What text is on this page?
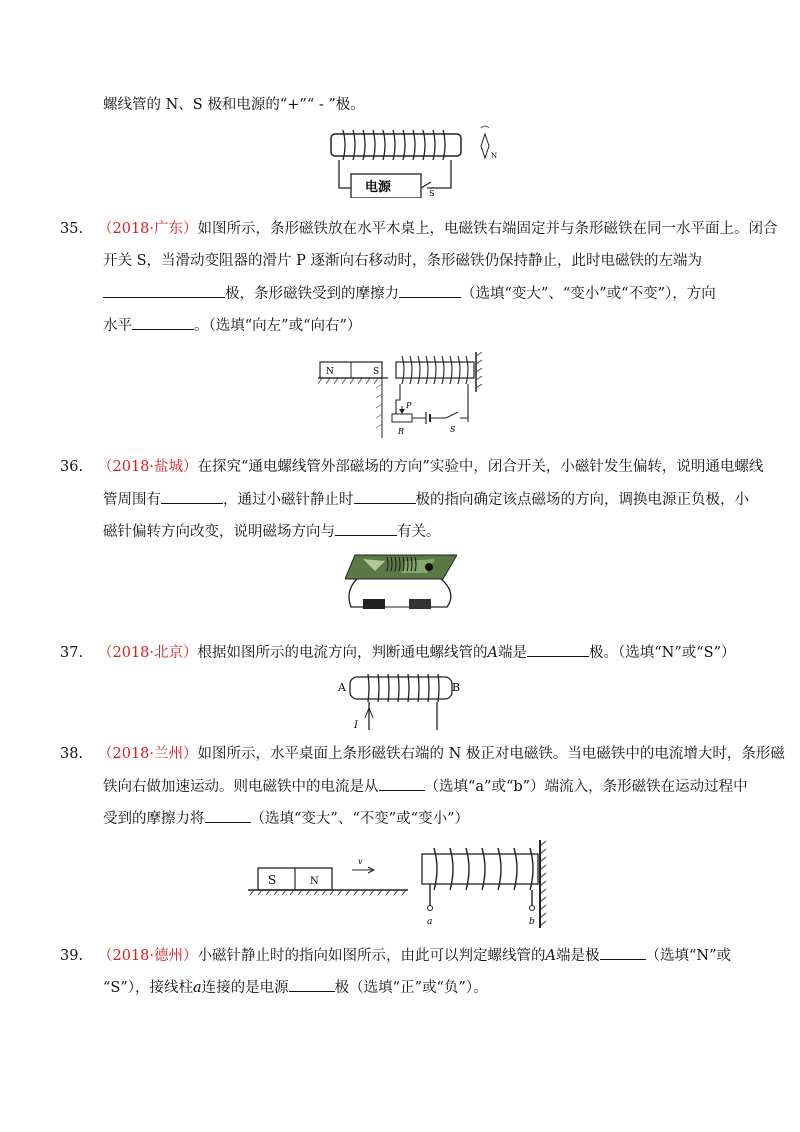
螺线管的 N、S 极和电源的“+”“ - ”极。
电源	S
N
35. （2018·广东）如图所示，条形磁铁放在水平木桌上，电磁铁右端固定并与条形磁铁在同一水平面上。闭合
开关 S，当滑动变阻器的滑片 P 逐渐向右移动时，条形磁铁仍保持静止，此时电磁铁的左端为
极，条形磁铁受到的摩擦力	（选填“变大”、“变小”或“不变”），方向
水平	。（选填“向左”或“向右”）
N	S
P
R	S
36. （2018·盐城）在探究“通电螺线管外部磁场的方向”实验中，闭合开关，小磁针发生偏转，说明通电螺线
管周围有	，通过小磁针静止时	极的指向确定该点磁场的方向，调换电源正负极，小
磁针偏转方向改变，说明磁场方向与	有关。
37. （2018·北京）根据如图所示的电流方向，判断通电螺线管的A端是	极。（选填“N”或“S”）
A	B
I
38. （2018·兰州）如图所示，水平桌面上条形磁铁右端的 N 极正对电磁铁。当电磁铁中的电流增大时，条形磁
铁向右做加速运动。则电磁铁中的电流是从	（选填“a”或“b”）端流入，条形磁铁在运动过程中
受到的摩擦力将	（选填“变大”、“不变”或“变小”）
S	N
v
a	b
39. （2018·德州）小磁针静止时的指向如图所示，由此可以判定螺线管的A端是极	（选填“N”或
“S”），接线柱a连接的是电源	极（选填“正”或“负”）。
